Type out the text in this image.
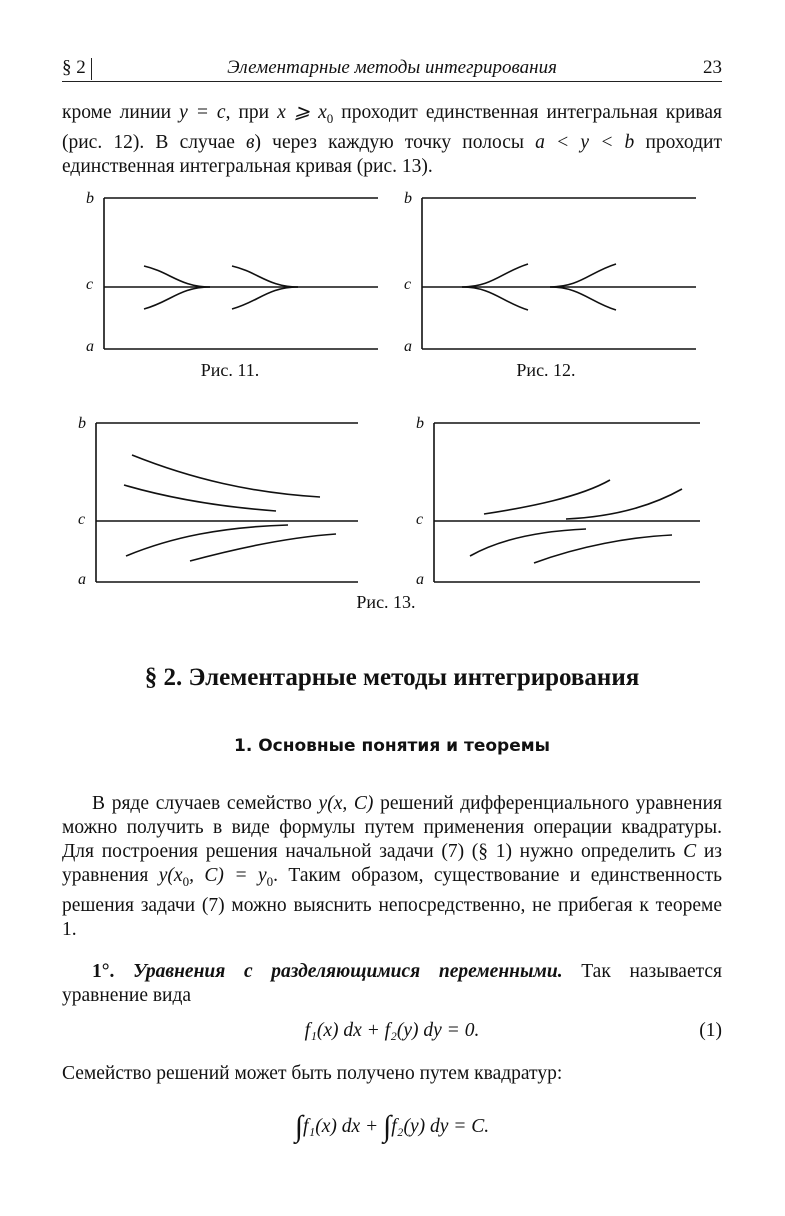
§ 2	Элементарные методы интегрирования	23

кроме линии y = c, при x ⩾ $x_0$ проходит единственная интегральная кривая (рис. 12). В случае в) через каждую точку полосы a < y < b проходит единственная интегральная кривая (рис. 13).

b
c
a
Рис. 11.
b
c
a
Рис. 12.
b
c
a
b
c
a
Рис. 13.
§ 2. Элементарные методы интегрирования
1. Основные понятия и теоремы

В ряде случаев семейство y(x, C) решений дифференциального уравнения можно получить в виде формулы путем применения операции квадратуры. Для построения решения начальной задачи (7) (§ 1) нужно определить C из уравнения $y(x_0$, $C) = y_0$. Таким образом, существование и единственность решения задачи (7) можно выяснить непосредственно, не прибегая к теореме 1.

1°. Уравнения с разделяющимися переменными. Так называется уравнение вида

f₁(x) dx + f₂(y) dy = 0.	(1)

Семейство решений может быть получено путем квадратур:

∫f₁(x) dx + ∫f₂(y) dy = C.
